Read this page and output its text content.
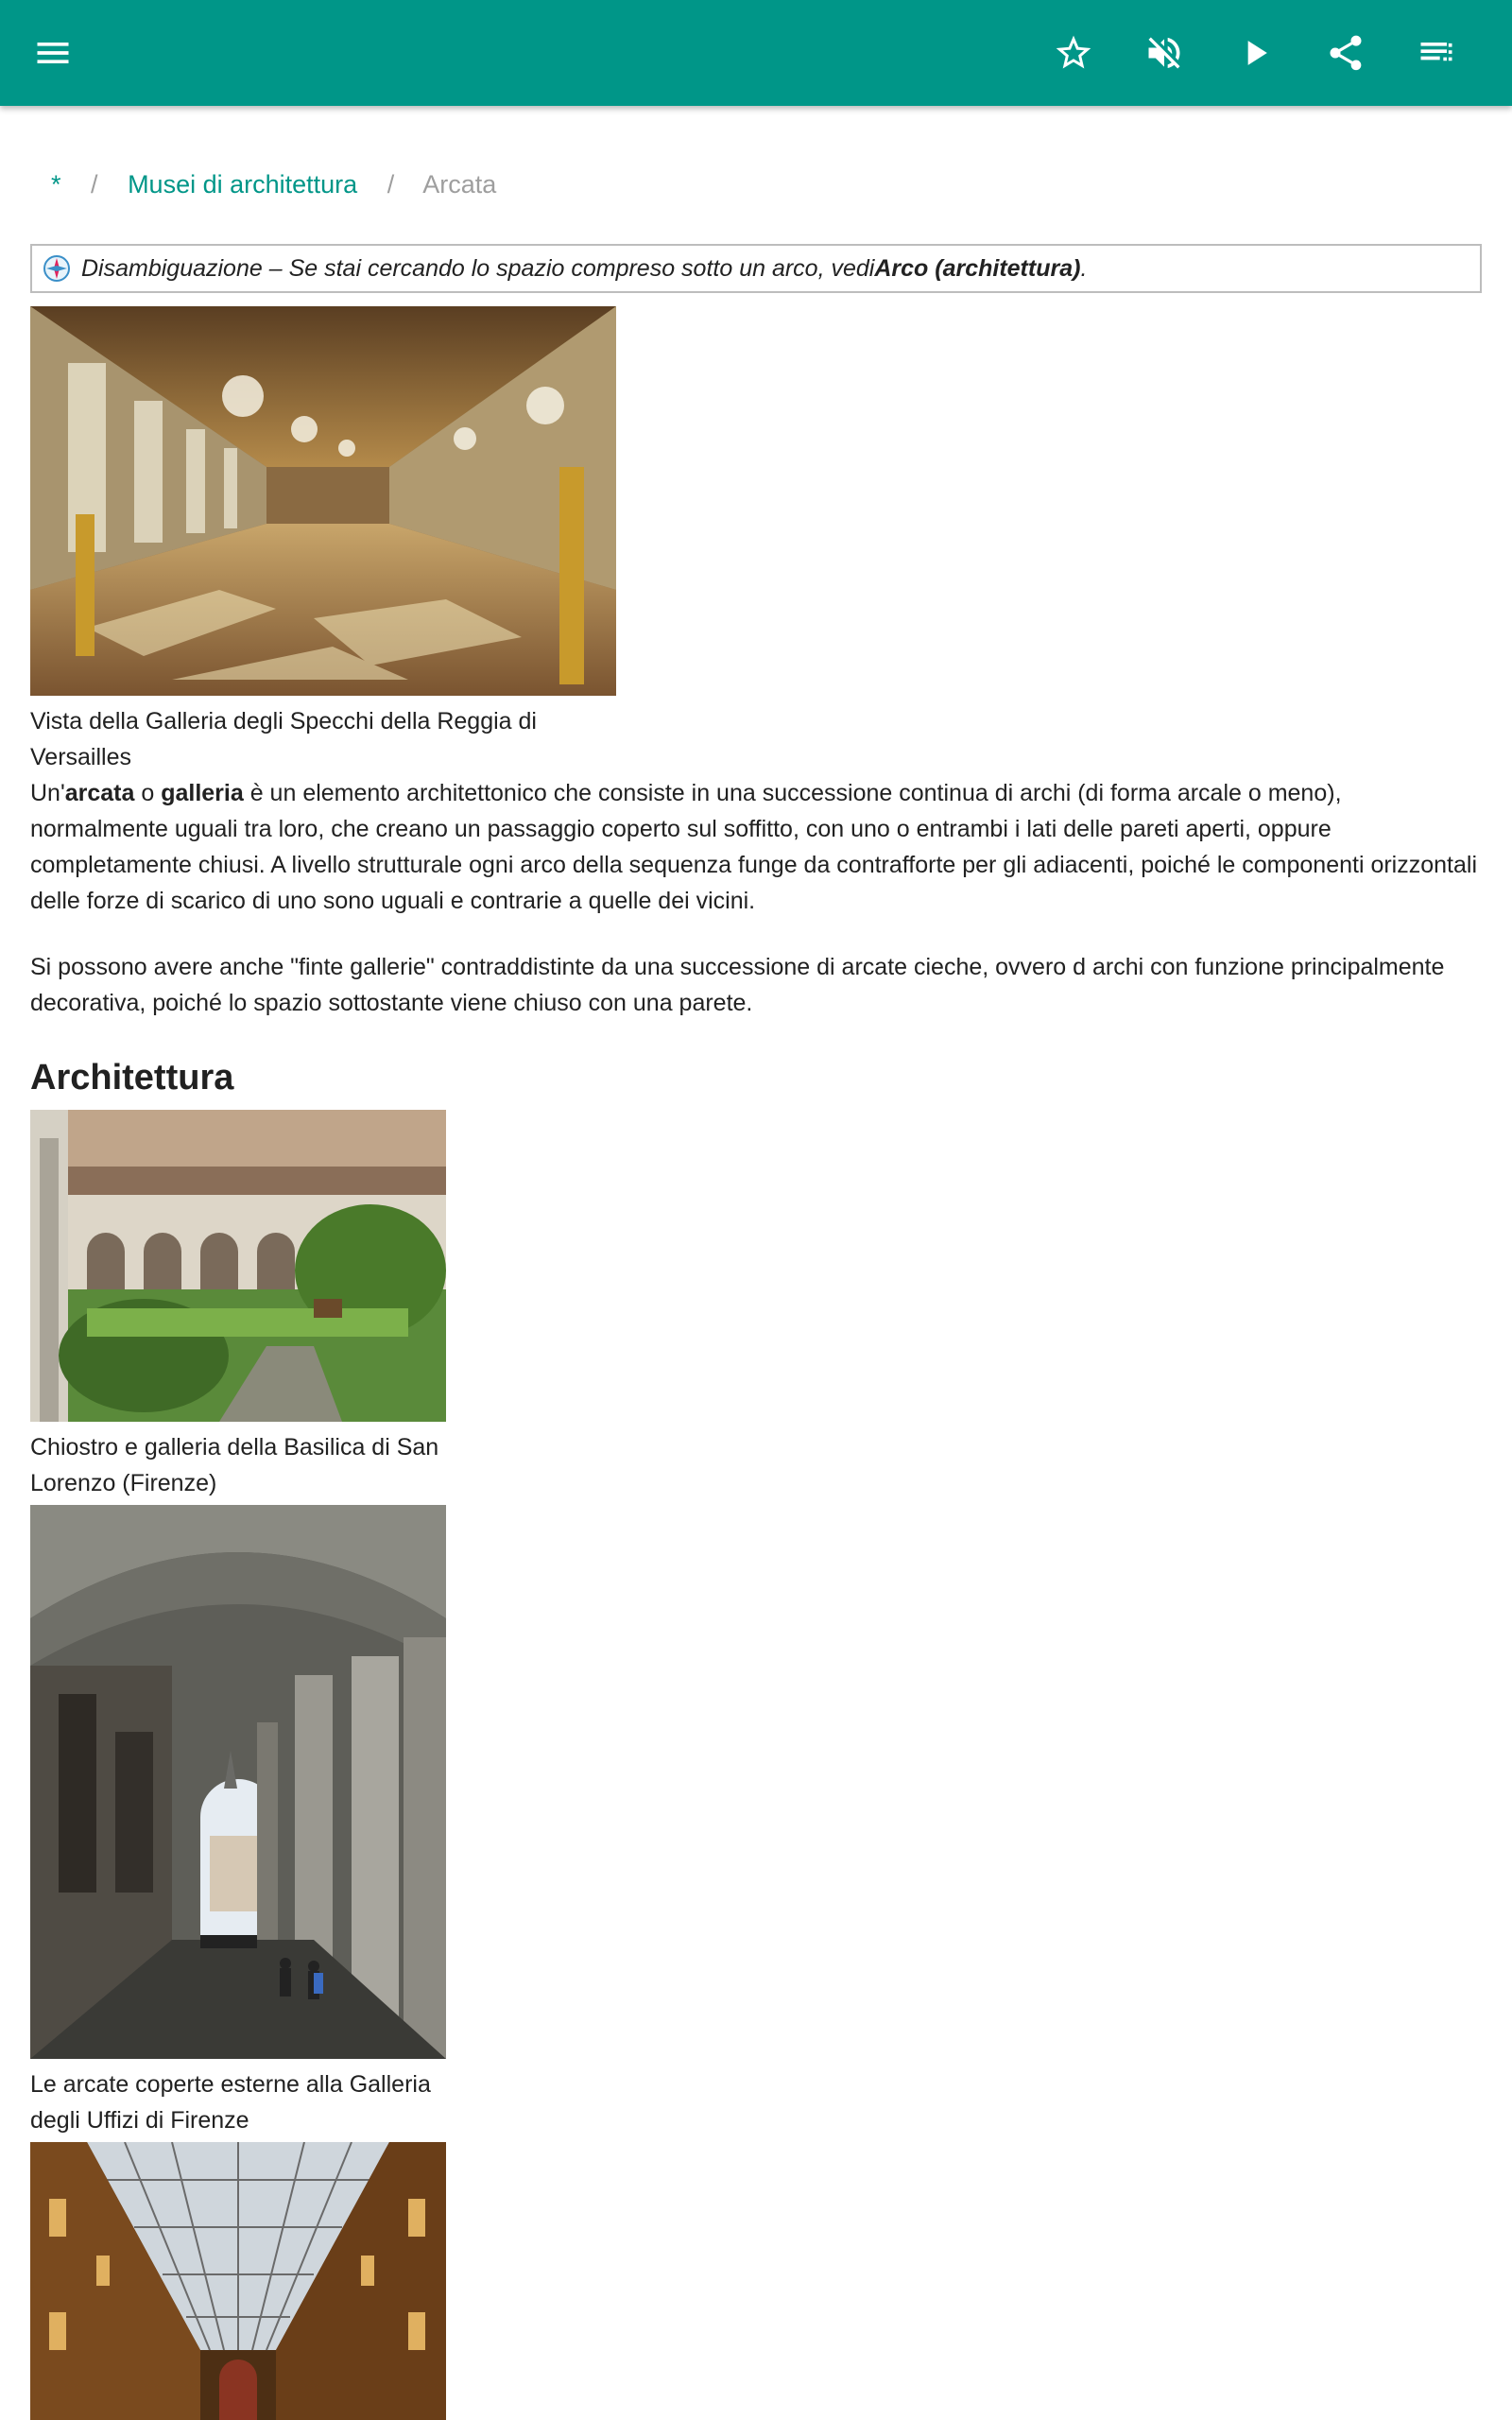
* / Musei di architettura / Arcata
Disambiguazione – Se stai cercando lo spazio compreso sotto un arco, vedi Arco (architettura) .
Vista della Galleria degli Specchi della Reggia di Versailles
Un'arcata o galleria è un elemento architettonico che consiste in una successione continua di archi (di forma arcale o meno), normalmente uguali tra loro, che creano un passaggio coperto sul soffitto, con uno o entrambi i lati delle pareti aperti, oppure completamente chiusi. A livello strutturale ogni arco della sequenza funge da contrafforte per gli adiacenti, poiché le componenti orizzontali delle forze di scarico di uno sono uguali e contrarie a quelle dei vicini.
Si possono avere anche "finte gallerie" contraddistinte da una successione di arcate cieche, ovvero d archi con funzione principalmente decorativa, poiché lo spazio sottostante viene chiuso con una parete.
Architettura
Chiostro e galleria della Basilica di San Lorenzo (Firenze)
Le arcate coperte esterne alla Galleria degli Uffizi di Firenze
